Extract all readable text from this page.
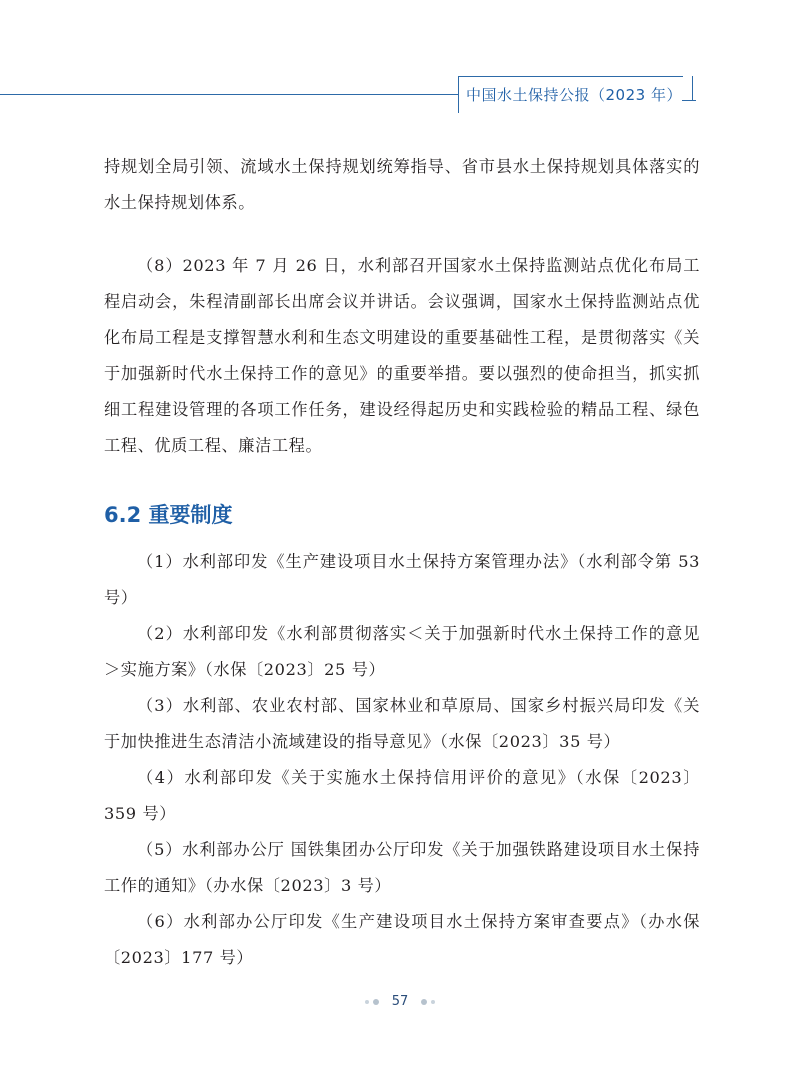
中国水土保持公报（2023 年）

持规划全局引领、流域水土保持规划统筹指导、省市县水土保持规划具体落实的水土保持规划体系。

（8）2023 年 7 月 26 日，水利部召开国家水土保持监测站点优化布局工程启动会，朱程清副部长出席会议并讲话。会议强调，国家水土保持监测站点优化布局工程是支撑智慧水利和生态文明建设的重要基础性工程，是贯彻落实《关于加强新时代水土保持工作的意见》的重要举措。要以强烈的使命担当，抓实抓细工程建设管理的各项工作任务，建设经得起历史和实践检验的精品工程、绿色工程、优质工程、廉洁工程。

6.2 重要制度

（1）水利部印发《生产建设项目水土保持方案管理办法》（水利部令第 53 号）

（2）水利部印发《水利部贯彻落实＜关于加强新时代水土保持工作的意见＞实施方案》（水保〔2023〕25 号）

（3）水利部、农业农村部、国家林业和草原局、国家乡村振兴局印发《关于加快推进生态清洁小流域建设的指导意见》（水保〔2023〕35 号）

（4）水利部印发《关于实施水土保持信用评价的意见》（水保〔2023〕359 号）

（5）水利部办公厅 国铁集团办公厅印发《关于加强铁路建设项目水土保持工作的通知》（办水保〔2023〕3 号）

（6）水利部办公厅印发《生产建设项目水土保持方案审查要点》（办水保〔2023〕177 号）

57
